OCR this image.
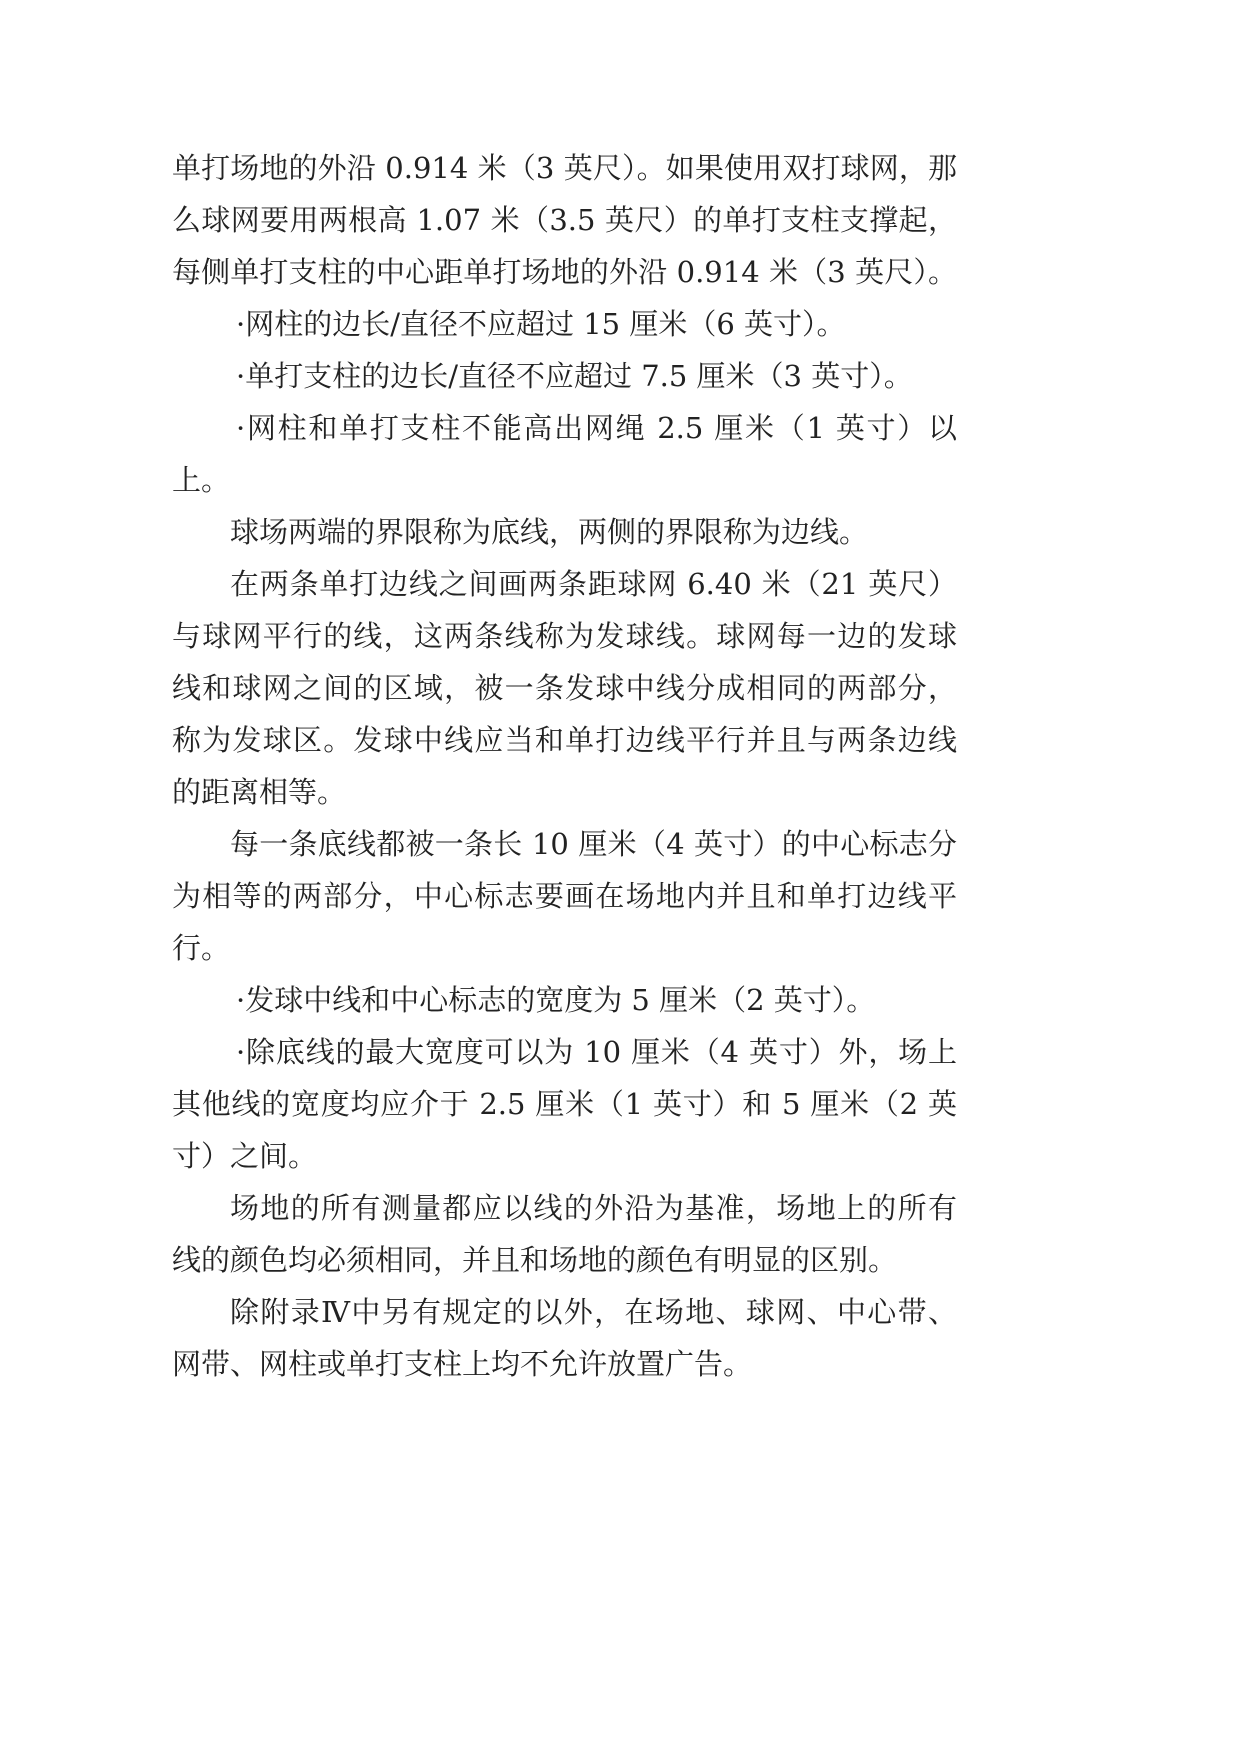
单打场地的外沿 0.914 米（3 英尺）。如果使用双打球网，那
么球网要用两根高 1.07 米（3.5 英尺）的单打支柱支撑起，
每侧单打支柱的中心距单打场地的外沿 0.914 米（3 英尺）。
·网柱的边长/直径不应超过 15 厘米（6 英寸）。
·单打支柱的边长/直径不应超过 7.5 厘米（3 英寸）。
·网柱和单打支柱不能高出网绳 2.5 厘米（1 英寸）以
上。
球场两端的界限称为底线，两侧的界限称为边线。
在两条单打边线之间画两条距球网 6.40 米（21 英尺）
与球网平行的线，这两条线称为发球线。球网每一边的发球
线和球网之间的区域，被一条发球中线分成相同的两部分，
称为发球区。发球中线应当和单打边线平行并且与两条边线
的距离相等。
每一条底线都被一条长 10 厘米（4 英寸）的中心标志分
为相等的两部分，中心标志要画在场地内并且和单打边线平
行。
·发球中线和中心标志的宽度为 5 厘米（2 英寸）。
·除底线的最大宽度可以为 10 厘米（4 英寸）外，场上
其他线的宽度均应介于 2.5 厘米（1 英寸）和 5 厘米（2 英
寸）之间。
场地的所有测量都应以线的外沿为基准，场地上的所有
线的颜色均必须相同，并且和场地的颜色有明显的区别。
除附录Ⅳ中另有规定的以外，在场地、球网、中心带、
网带、网柱或单打支柱上均不允许放置广告。
